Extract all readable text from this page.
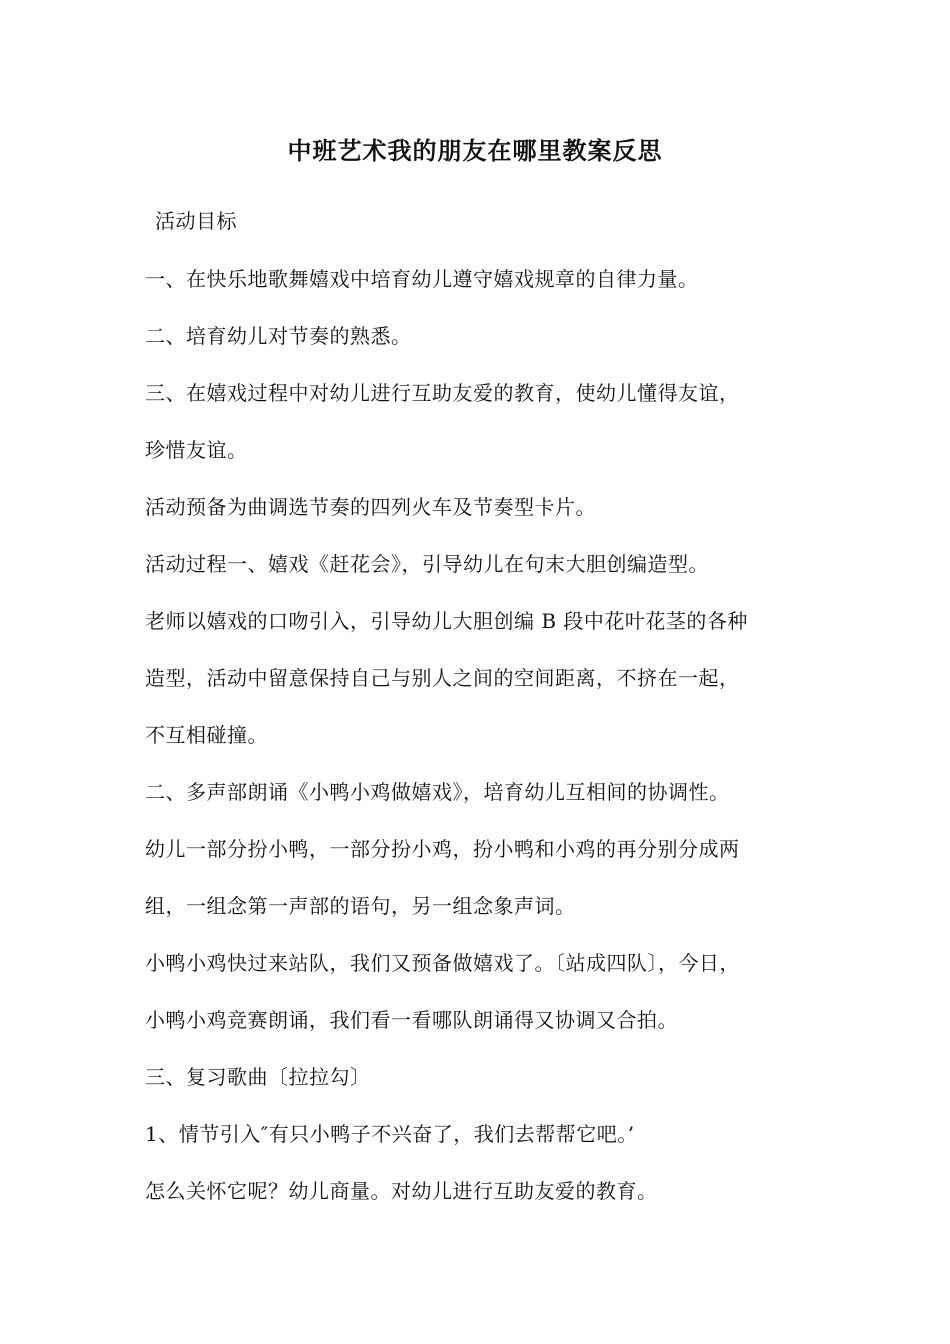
中班艺术我的朋友在哪里教案反思
活动目标
一、在快乐地歌舞嬉戏中培育幼儿遵守嬉戏规章的自律力量。
二、培育幼儿对节奏的熟悉。
三、在嬉戏过程中对幼儿进行互助友爱的教育，使幼儿懂得友谊，
珍惜友谊。
活动预备为曲调选节奏的四列火车及节奏型卡片。
活动过程一、嬉戏《赶花会》，引导幼儿在句末大胆创编造型。
老师以嬉戏的口吻引入，引导幼儿大胆创编 B 段中花叶花茎的各种
造型，活动中留意保持自己与别人之间的空间距离，不挤在一起，
不互相碰撞。
二、多声部朗诵《小鸭小鸡做嬉戏》，培育幼儿互相间的协调性。
幼儿一部分扮小鸭，一部分扮小鸡，扮小鸭和小鸡的再分别分成两
组，一组念第一声部的语句，另一组念象声词。
小鸭小鸡快过来站队，我们又预备做嬉戏了。〔站成四队〕，今日，
小鸭小鸡竞赛朗诵，我们看一看哪队朗诵得又协调又合拍。
三、复习歌曲〔拉拉勾〕
1、情节引入″有只小鸭子不兴奋了，我们去帮帮它吧。’
怎么关怀它呢？幼儿商量。对幼儿进行互助友爱的教育。
